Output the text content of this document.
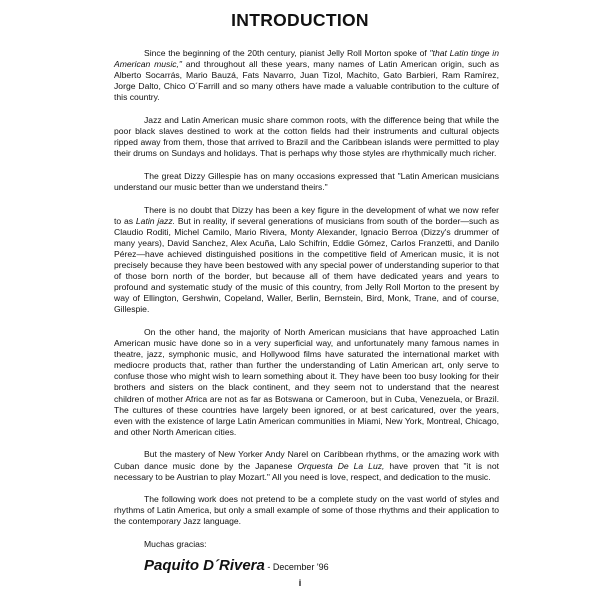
INTRODUCTION

Since the beginning of the 20th century, pianist Jelly Roll Morton spoke of "that Latin tinge in American music," and throughout all these years, many names of Latin American origin, such as Alberto Socarrás, Mario Bauzá, Fats Navarro, Juan Tizol, Machito, Gato Barbieri, Ram Ramírez, Jorge Dalto, Chico O´Farrill and so many others have made a valuable contribution to the culture of this country.

Jazz and Latin American music share common roots, with the difference being that while the poor black slaves destined to work at the cotton fields had their instruments and cultural objects ripped away from them, those that arrived to Brazil and the Caribbean islands were permitted to play their drums on Sundays and holidays. That is perhaps why those styles are rhythmically much richer.

The great Dizzy Gillespie has on many occasions expressed that "Latin American musicians understand our music better than we understand theirs."

There is no doubt that Dizzy has been a key figure in the development of what we now refer to as Latin jazz. But in reality, if several generations of musicians from south of the border—such as Claudio Roditi, Michel Camilo, Mario Rivera, Monty Alexander, Ignacio Berroa (Dizzy's drummer of many years), David Sanchez, Alex Acuña, Lalo Schifrin, Eddie Gómez, Carlos Franzetti, and Danilo Pérez—have achieved distinguished positions in the competitive field of American music, it is not precisely because they have been bestowed with any special power of understanding superior to that of those born north of the border, but because all of them have dedicated years and years to profound and systematic study of the music of this country, from Jelly Roll Morton to the present by way of Ellington, Gershwin, Copeland, Waller, Berlin, Bernstein, Bird, Monk, Trane, and of course, Gillespie.

On the other hand, the majority of North American musicians that have approached Latin American music have done so in a very superficial way, and unfortunately many famous names in theatre, jazz, symphonic music, and Hollywood films have saturated the international market with mediocre products that, rather than further the understanding of Latin American art, only serve to confuse those who might wish to learn something about it. They have been too busy looking for their brothers and sisters on the black continent, and they seem not to understand that the nearest children of mother Africa are not as far as Botswana or Cameroon, but in Cuba, Venezuela, or Brazil. The cultures of these countries have largely been ignored, or at best caricatured, over the years, even with the existence of large Latin American communities in Miami, New York, Montreal, Chicago, and other North American cities.

But the mastery of New Yorker Andy Narel on Caribbean rhythms, or the amazing work with Cuban dance music done by the Japanese Orquesta De La Luz, have proven that "it is not necessary to be Austrian to play Mozart." All you need is love, respect, and dedication to the music.

The following work does not pretend to be a complete study on the vast world of styles and rhythms of Latin America, but only a small example of some of those rhythms and their application to the contemporary Jazz language.

Muchas gracias:
Paquito D´Rivera - December '96
i
